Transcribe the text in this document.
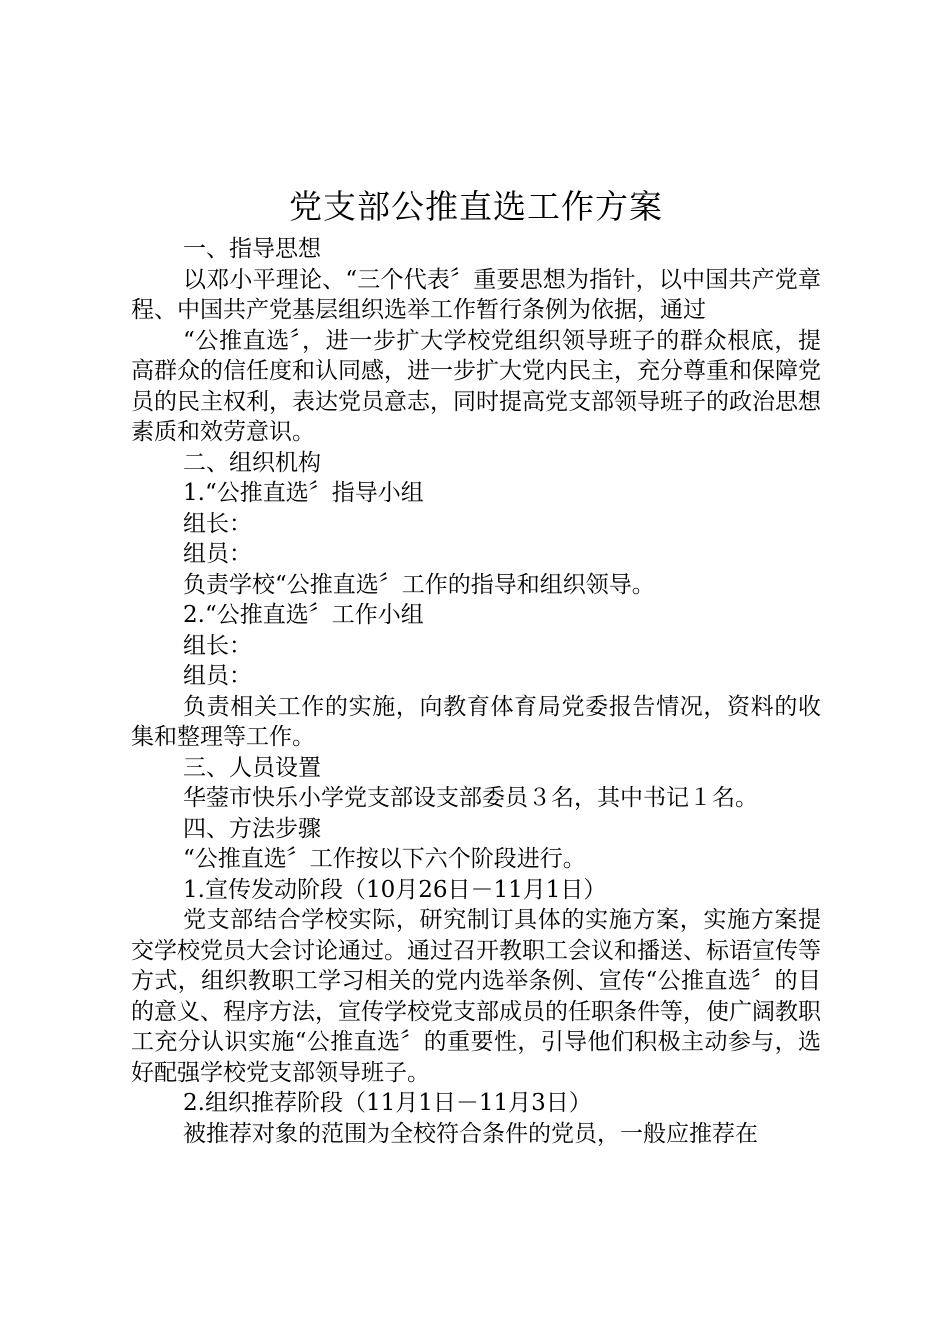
党支部公推直选工作方案

一、指导思想

以邓小平理论、“三个代表〞重要思想为指针，以中国共产党章程、中国共产党基层组织选举工作暂行条例为依据，通过

“公推直选〞，进一步扩大学校党组织领导班子的群众根底，提高群众的信任度和认同感，进一步扩大党内民主，充分尊重和保障党员的民主权利，表达党员意志，同时提高党支部领导班子的政治思想素质和效劳意识。

二、组织机构

1.“公推直选〞指导小组

组长：

组员：

负责学校“公推直选〞工作的指导和组织领导。

2.“公推直选〞工作小组

组长：

组员：

负责相关工作的实施，向教育体育局党委报告情况，资料的收集和整理等工作。

三、人员设置

华蓥市快乐小学党支部设支部委员３名，其中书记１名。

四、方法步骤

“公推直选〞工作按以下六个阶段进行。

1.宣传发动阶段（10月26日－11月1日）

党支部结合学校实际，研究制订具体的实施方案，实施方案提交学校党员大会讨论通过。通过召开教职工会议和播送、标语宣传等方式，组织教职工学习相关的党内选举条例、宣传“公推直选〞的目的意义、程序方法，宣传学校党支部成员的任职条件等，使广阔教职工充分认识实施“公推直选〞的重要性，引导他们积极主动参与，选好配强学校党支部领导班子。

2.组织推荐阶段（11月1日－11月3日）

被推荐对象的范围为全校符合条件的党员，一般应推荐在
